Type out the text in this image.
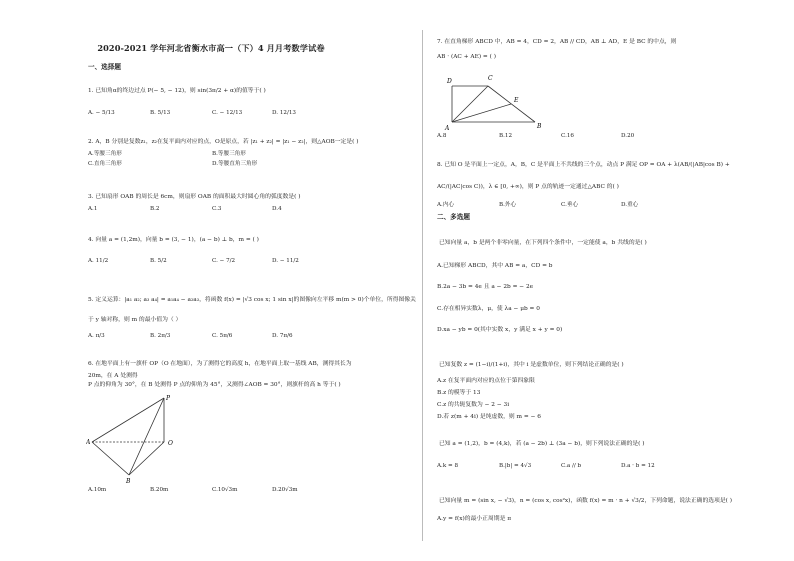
2020-2021 学年河北省衡水市高一（下）4 月月考数学试卷
一、选择题
1. 已知角α的终边过点 P(− 5, − 12)，则 sin(3π/2 + α)的值等于( )
A. − 5/13	B. 5/13	C. − 12/13	D. 12/13
2. A，B 分别是复数z₁，z₂在复平面内对应的点，O是原点，若 |z₁ + z₂| = |z₁ − z₂|，则△AOB一定是( )
A.等腰三角形	B.等腰三角形
C.直角三角形	D.等腰直角三角形
3. 已知扇形 OAB 的周长是 6cm，则扇形 OAB 的面积最大时圆心角的弧度数是( )
A.1	B.2	C.3	D.4
4. 向量 a = (1,2m)，向量 b = (3, − 1)，(a − b) ⊥ b，m = ( )
A. 11/2	B. 5/2	C. − 7/2	D. − 11/2
5. 定义运算：|a₁ a₂; a₃ a₄| = a₁a₄ − a₂a₃，将函数 f(x) = |√3 cos x; 1 sin x|的图像向左平移 m(m > 0)个单位，所得图像关
于 y 轴对称，则 m 的最小值为（ ）
A. π/3	B. 2π/3	C. 5π/6	D. 7π/6
6. 在地平面上有一旗杆 OP（O 在地面），为了测得它的高度 h，在地平面上取一基线 AB，测得其长为
20m，在 A 处测得
P 点的仰角为 30°，在 B 处测得 P 点的仰角为 45°，又测得∠AOB = 30°，则旗杆的高 h 等于( )
P
A	O
B
A.10m	B.20m	C.10√3m	D.20√3m
7. 在直角梯形 ABCD 中，AB = 4，CD = 2，AB // CD，AB ⊥ AD，E 是 BC 的中点，则
AB · (AC + AE) = ( )
D	C
E
A	B
A.8	B.12	C.16	D.20
8. 已知 O 是平面上一定点，A，B，C 是平面上不共线的三个点，动点 P 满足 OP = OA + λ(AB/(|AB|cos B) +
AC/(|AC|cos C))，λ ∈ [0, +∞)，则 P 点的轨迹一定通过△ABC 的( )
A.内心	B.外心	C.垂心	D.重心
二、多选题
已知向量 a，b 是两个非零向量，在下列四个条件中，一定能使 a，b 共线的是( )
A.已知梯形 ABCD，其中 AB = a，CD = b
B.2a − 3b = 4e 且 a − 2b = − 2e
C.存在相异实数λ，μ，使 λa − μb = 0
D.xa − yb = 0(其中实数 x，y 满足 x + y = 0)
已知复数 z = (1−i)/(1+i)，其中 i 是虚数单位，则下列结论正确的是( )
A.z 在复平面内对应的点位于第四象限
B.z 的模等于 13
C.z 的共轭复数为 − 2 − 3i
D.若 z(m + 4i) 是纯虚数，则 m = − 6
已知 a = (1,2)，b = (4,k)，若 (a − 2b) ⊥ (3a − b)，则下列说法正确的是( )
A.k = 8	B.|b| = 4√3	C.a // b	D.a · b = 12
已知向量 m = (sin x, − √3)，n = (cos x, cos²x)，函数 f(x) = m · n + √3/2，下列命题，说法正确的选项是( )
A.y = f(x)的最小正周期是 π
